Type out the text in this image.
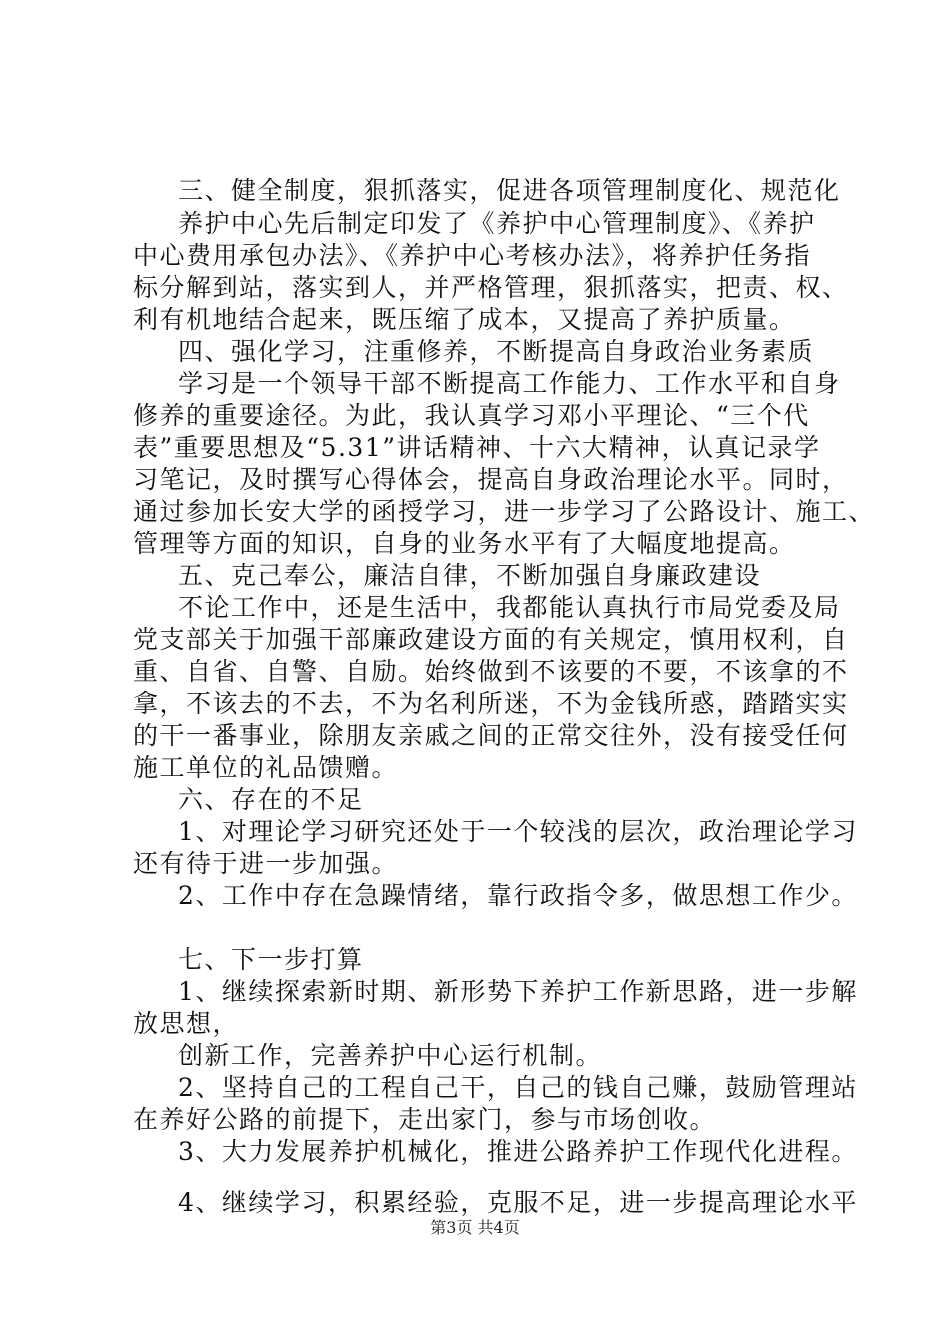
三、健全制度，狠抓落实，促进各项管理制度化、规范化
养护中心先后制定印发了《养护中心管理制度》、《养护
中心费用承包办法》、《养护中心考核办法》，将养护任务指
标分解到站，落实到人，并严格管理，狠抓落实，把责、权、
利有机地结合起来，既压缩了成本，又提高了养护质量。
四、强化学习，注重修养，不断提高自身政治业务素质
学习是一个领导干部不断提高工作能力、工作水平和自身
修养的重要途径。为此，我认真学习邓小平理论、“三个代
表”重要思想及“5.31”讲话精神、十六大精神，认真记录学
习笔记，及时撰写心得体会，提高自身政治理论水平。同时，
通过参加长安大学的函授学习，进一步学习了公路设计、施工、
管理等方面的知识，自身的业务水平有了大幅度地提高。
五、克己奉公，廉洁自律，不断加强自身廉政建设
不论工作中，还是生活中，我都能认真执行市局党委及局
党支部关于加强干部廉政建设方面的有关规定，慎用权利，自
重、自省、自警、自励。始终做到不该要的不要，不该拿的不
拿，不该去的不去，不为名利所迷，不为金钱所惑，踏踏实实
的干一番事业，除朋友亲戚之间的正常交往外，没有接受任何
施工单位的礼品馈赠。
六、存在的不足
1、对理论学习研究还处于一个较浅的层次，政治理论学习
还有待于进一步加强。
2、工作中存在急躁情绪，靠行政指令多，做思想工作少。
七、下一步打算
1、继续探索新时期、新形势下养护工作新思路，进一步解
放思想，
创新工作，完善养护中心运行机制。
2、坚持自己的工程自己干，自己的钱自己赚，鼓励管理站
在养好公路的前提下，走出家门，参与市场创收。
3、大力发展养护机械化，推进公路养护工作现代化进程。
4、继续学习，积累经验，克服不足，进一步提高理论水平
第3页 共4页
